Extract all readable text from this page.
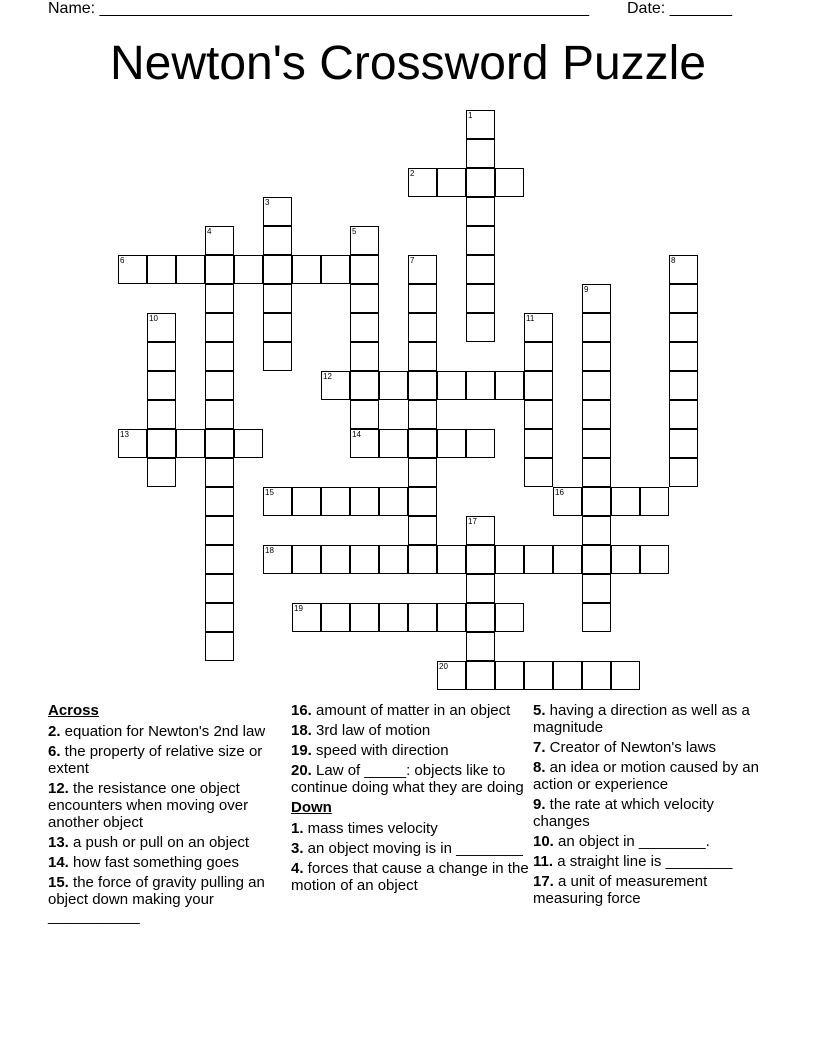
Name: _______________________________________________________ Date: _______
Newton's Crossword Puzzle
1
2
3
4	5
6	7	8
9
10	11
12
13	14
15	16
17
18
19
20
Across
2. equation for Newton's 2nd law
6. the property of relative size or extent
12. the resistance one object encounters when moving over another object
13. a push or pull on an object
14. how fast something goes
15. the force of gravity pulling an object down making your ___________
16. amount of matter in an object
18. 3rd law of motion
19. speed with direction
20. Law of _____: objects like to continue doing what they are doing
Down
1. mass times velocity
3. an object moving is in ________
4. forces that cause a change in the motion of an object
5. having a direction as well as a magnitude
7. Creator of Newton's laws
8. an idea or motion caused by an action or experience
9. the rate at which velocity changes
10. an object in ________.
11. a straight line is ________
17. a unit of measurement measuring force
